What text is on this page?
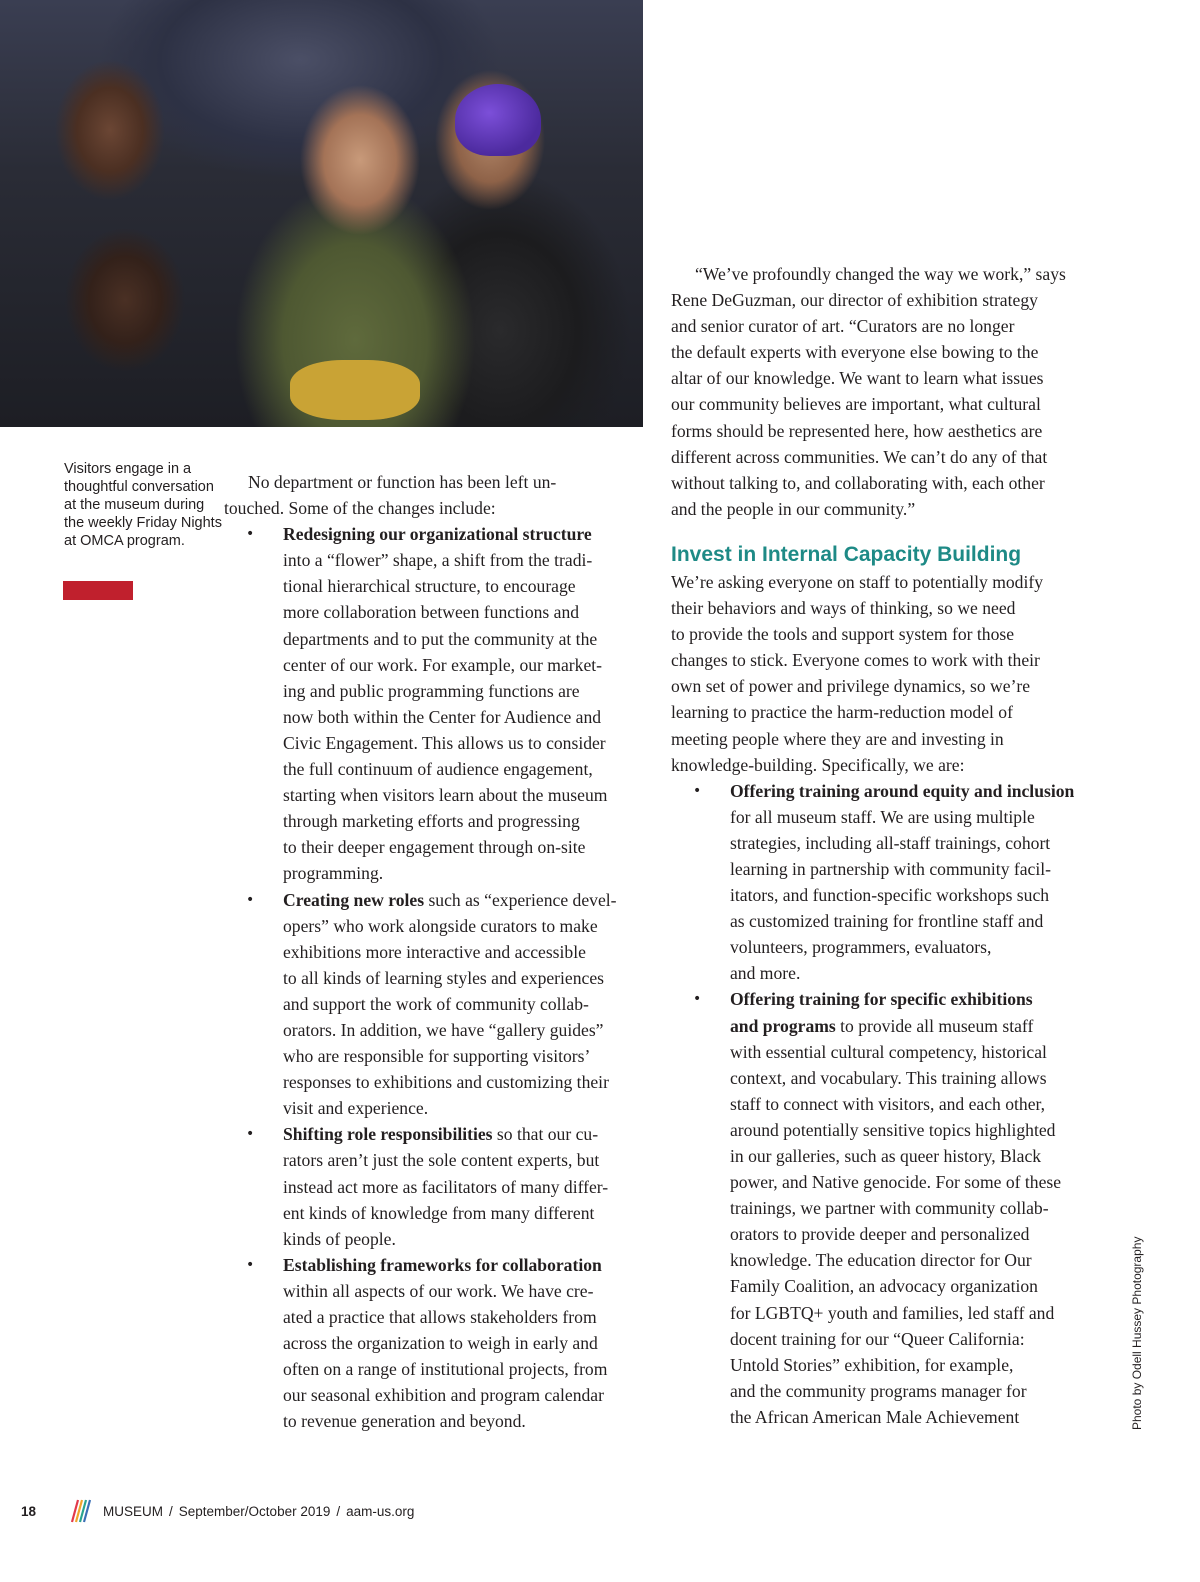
Visitors engage in a thoughtful conversation at the museum during the weekly Friday Nights at OMCA program.

No department or function has been left un-
touched. Some of the changes include:

• Redesigning our organizational structure
into a “flower” shape, a shift from the tradi-
tional hierarchical structure, to encourage
more collaboration between functions and
departments and to put the community at the
center of our work. For example, our market-
ing and public programming functions are
now both within the Center for Audience and
Civic Engagement. This allows us to consider
the full continuum of audience engagement,
starting when visitors learn about the museum
through marketing efforts and progressing
to their deeper engagement through on-site
programming.
• Creating new roles such as “experience devel-
opers” who work alongside curators to make
exhibitions more interactive and accessible
to all kinds of learning styles and experiences
and support the work of community collab-
orators. In addition, we have “gallery guides”
who are responsible for supporting visitors’
responses to exhibitions and customizing their
visit and experience.
• Shifting role responsibilities so that our cu-
rators aren’t just the sole content experts, but
instead act more as facilitators of many differ-
ent kinds of knowledge from many different
kinds of people.
• Establishing frameworks for collaboration
within all aspects of our work. We have cre-
ated a practice that allows stakeholders from
across the organization to weigh in early and
often on a range of institutional projects, from
our seasonal exhibition and program calendar
to revenue generation and beyond.

“We’ve profoundly changed the way we work,” says
Rene DeGuzman, our director of exhibition strategy
and senior curator of art. “Curators are no longer
the default experts with everyone else bowing to the
altar of our knowledge. We want to learn what issues
our community believes are important, what cultural
forms should be represented here, how aesthetics are
different across communities. We can’t do any of that
without talking to, and collaborating with, each other
and the people in our community.”

Invest in Internal Capacity Building

We’re asking everyone on staff to potentially modify
their behaviors and ways of thinking, so we need
to provide the tools and support system for those
changes to stick. Everyone comes to work with their
own set of power and privilege dynamics, so we’re
learning to practice the harm-reduction model of
meeting people where they are and investing in
knowledge-building. Specifically, we are:

• Offering training around equity and inclusion
for all museum staff. We are using multiple
strategies, including all-staff trainings, cohort
learning in partnership with community facil-
itators, and function-specific workshops such
as customized training for frontline staff and
volunteers, programmers, evaluators,
and more.
• Offering training for specific exhibitions
and programs to provide all museum staff
with essential cultural competency, historical
context, and vocabulary. This training allows
staff to connect with visitors, and each other,
around potentially sensitive topics highlighted
in our galleries, such as queer history, Black
power, and Native genocide. For some of these
trainings, we partner with community collab-
orators to provide deeper and personalized
knowledge. The education director for Our
Family Coalition, an advocacy organization
for LGBTQ+ youth and families, led staff and
docent training for our “Queer California:
Untold Stories” exhibition, for example,
and the community programs manager for
the African American Male Achievement	Photo by Odell Hussey Photography
18	MUSEUM / September/October 2019 / aam-us.org
